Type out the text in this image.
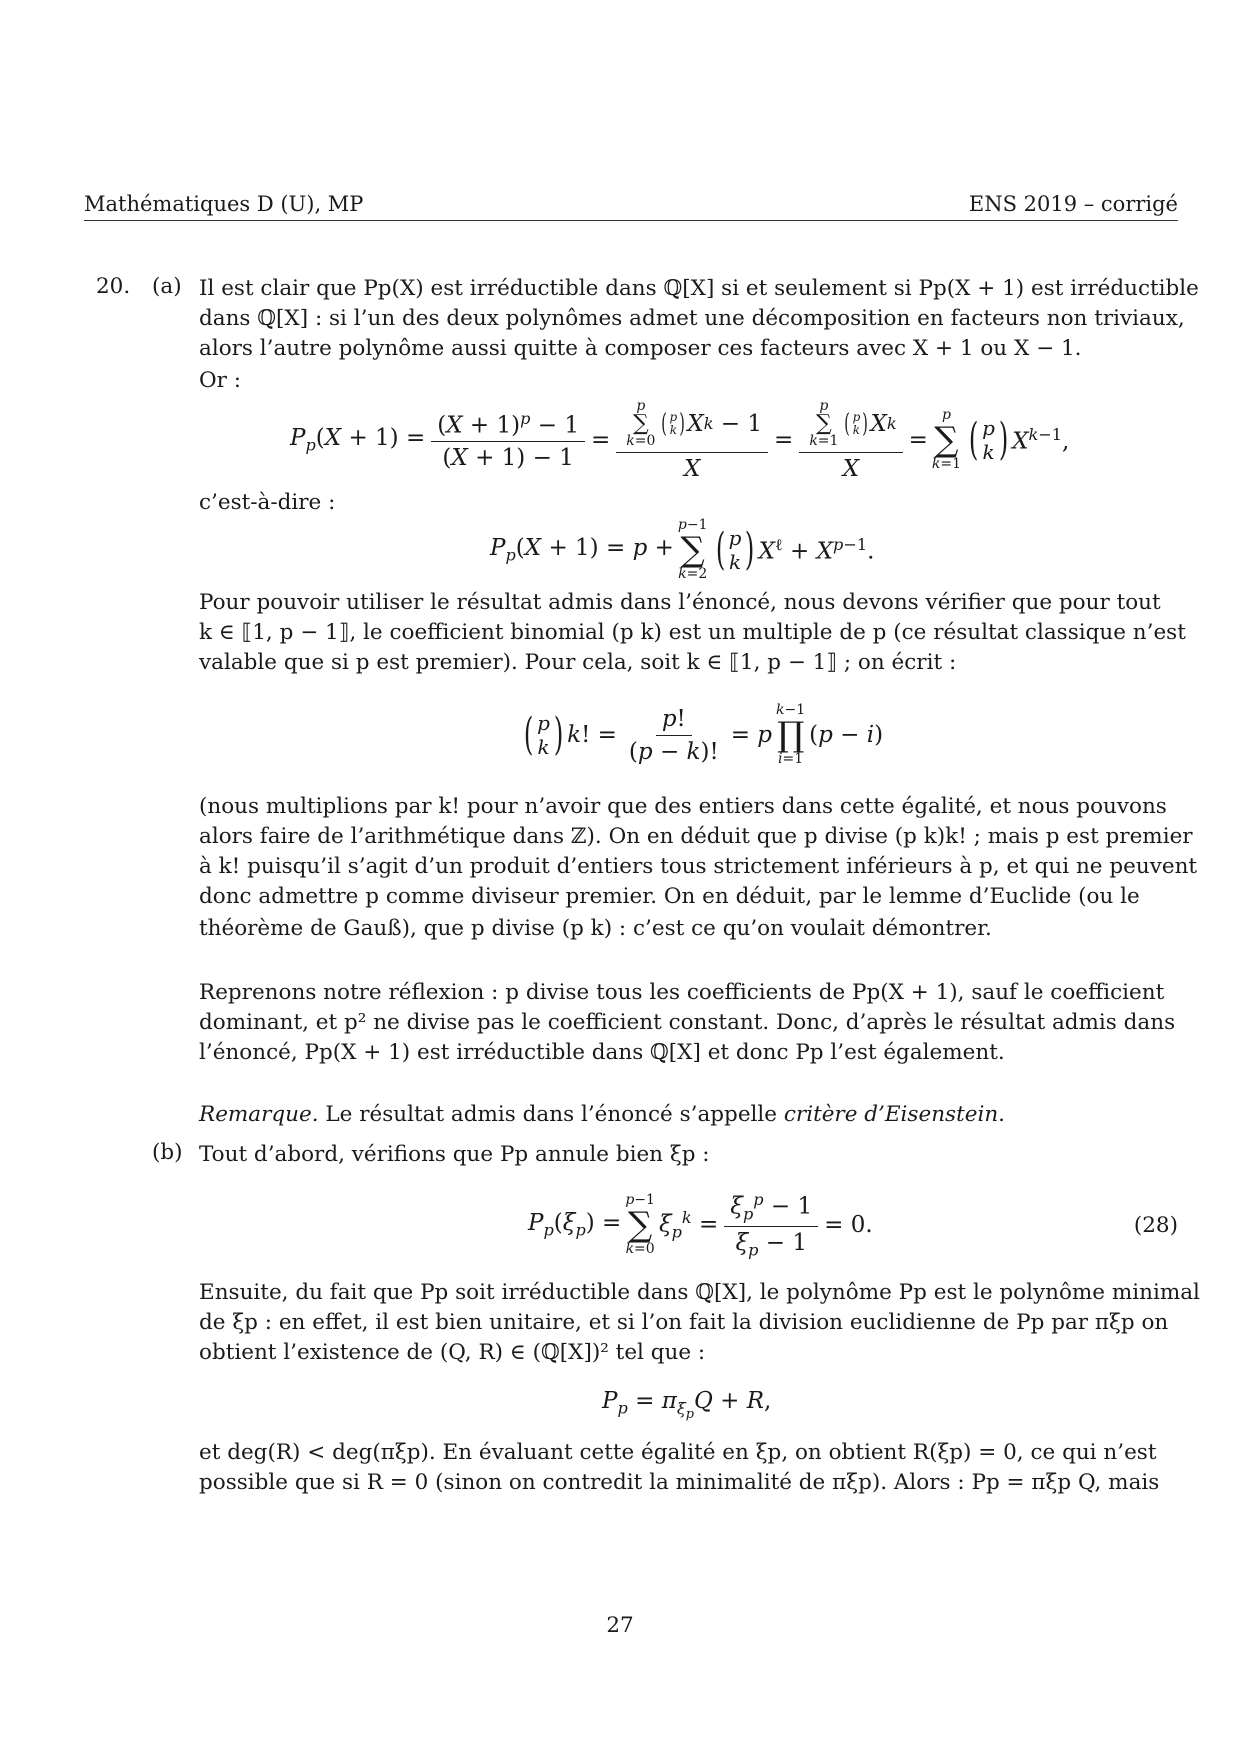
Mathématiques D (U), MP	ENS 2019 – corrigé
20. (a) Il est clair que Pp(X) est irréductible dans ℚ[X] si et seulement si Pp(X + 1) est irréductible
dans ℚ[X] : si l’un des deux polynômes admet une décomposition en facteurs non triviaux,
alors l’autre polynôme aussi quitte à composer ces facteurs avec X + 1 ou X − 1.
Or :
$P_p(X + 1) = \frac{(X + 1)^p - 1}{(X + 1) - 1} = p$
∑
k=0
( p
k ) X k − 1
X = p
∑
k=1
( p
k ) X k
X =
p
∑
k=1 ( p
k ) $X^{k-1}$,
c’est-à-dire :
$P_p(X + 1) = p$ +
p−1
∑
k=2 ( p
k ) $X^\ell + X^{p-1}$.
Pour pouvoir utiliser le résultat admis dans l’énoncé, nous devons vérifier que pour tout
k ∈ ⟦1, p − 1⟧, le coefficient binomial (p k) est un multiple de p (ce résultat classique n’est
valable que si p est premier). Pour cela, soit k ∈ ⟦1, p − 1⟧ ; on écrit :
( p
k ) k! = $\frac{p!}{(p - k)!} = p$
k−1
∏
i=1
(p − i)
(nous multiplions par k! pour n’avoir que des entiers dans cette égalité, et nous pouvons
alors faire de l’arithmétique dans ℤ). On en déduit que p divise (p k)k! ; mais p est premier
à k! puisqu’il s’agit d’un produit d’entiers tous strictement inférieurs à p, et qui ne peuvent
donc admettre p comme diviseur premier. On en déduit, par le lemme d’Euclide (ou le
théorème de Gauß), que p divise (p k) : c’est ce qu’on voulait démontrer.
Reprenons notre réflexion : p divise tous les coefficients de Pp(X + 1), sauf le coefficient
dominant, et p² ne divise pas le coefficient constant. Donc, d’après le résultat admis dans
l’énoncé, Pp(X + 1) est irréductible dans ℚ[X] et donc Pp l’est également.
Remarque. Le résultat admis dans l’énoncé s’appelle critère d’Eisenstein.
(b) Tout d’abord, vérifions que Pp annule bien ξp :
$P_p(\xi_p)$ =
p−1
∑
k=0
$\xi_p^k = \frac{\xi_p^p - 1}{\xi_p - 1} = 0$.	(28)
Ensuite, du fait que Pp soit irréductible dans ℚ[X], le polynôme Pp est le polynôme minimal
de ξp : en effet, il est bien unitaire, et si l’on fait la division euclidienne de Pp par πξp on
obtient l’existence de (Q, R) ∈ (ℚ[X])² tel que :
$P_p = \pi_{\xi_p}Q + R$,
et deg(R) < deg(πξp). En évaluant cette égalité en ξp, on obtient R(ξp) = 0, ce qui n’est
possible que si R = 0 (sinon on contredit la minimalité de πξp). Alors : Pp = πξp Q, mais
27
